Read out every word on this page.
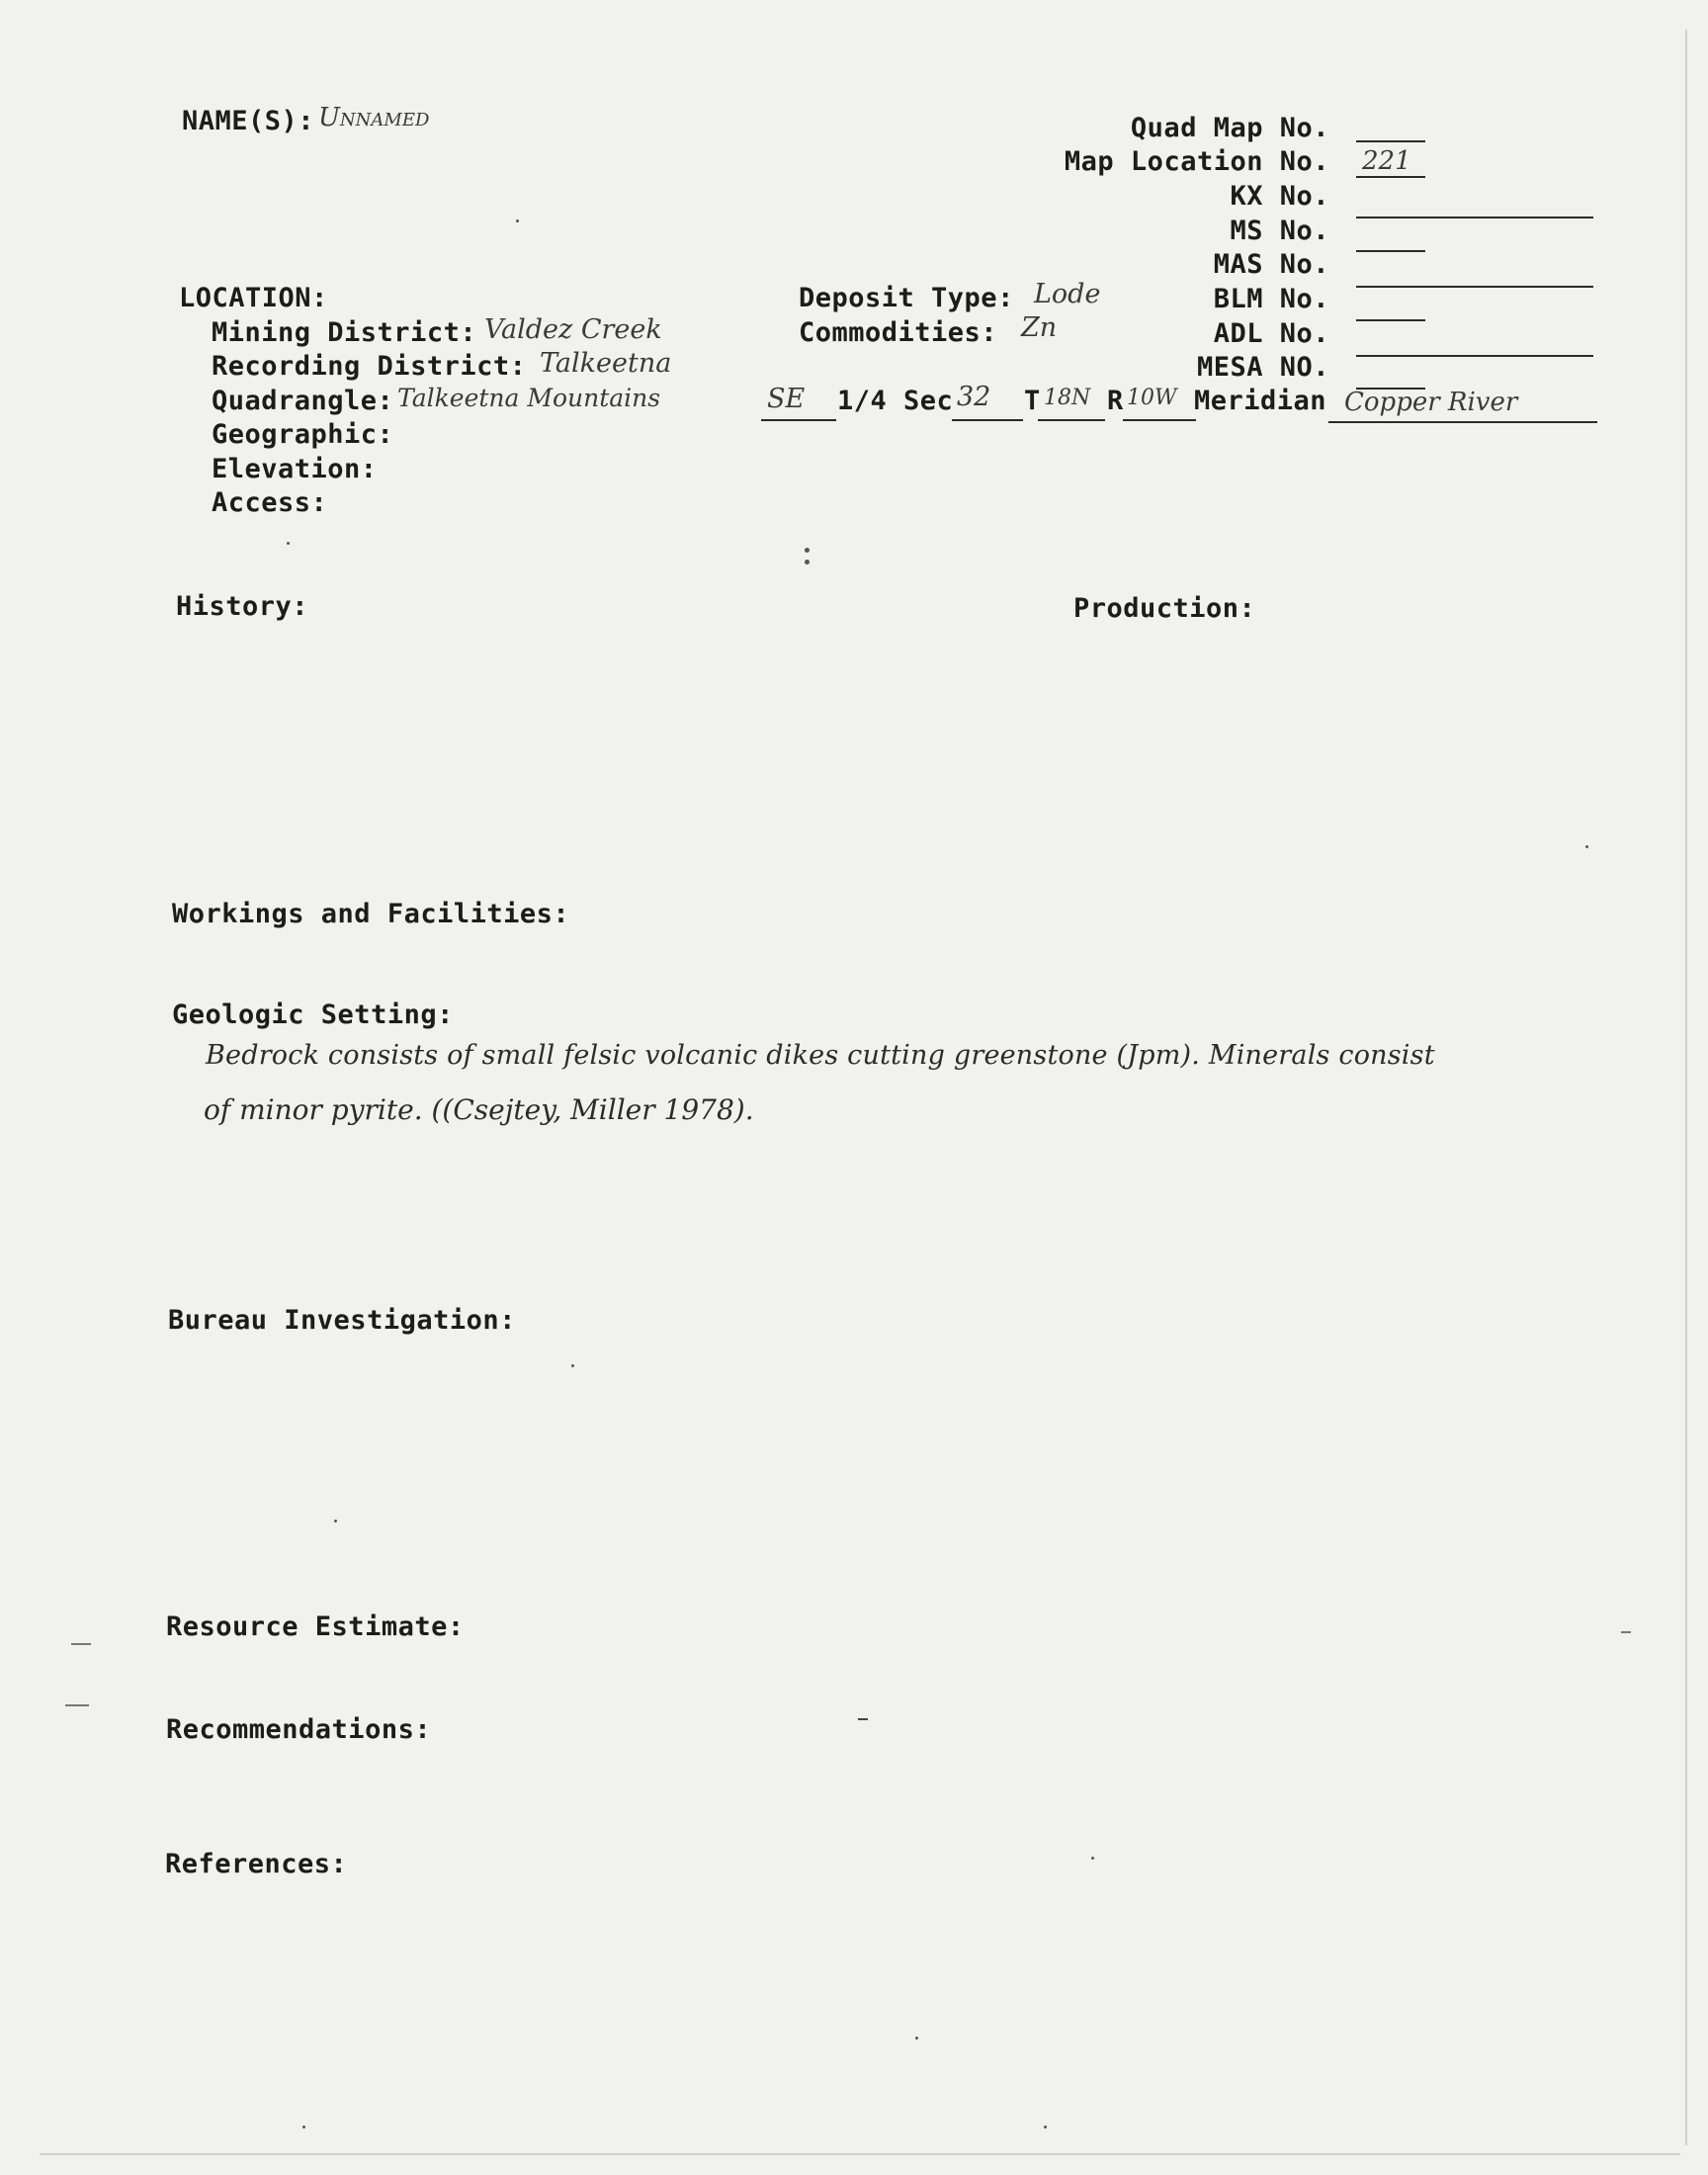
NAME(S): Unnamed	Quad Map No.
Map Location No. 221
KX No.
MS No.
MAS No.
BLM No.
ADL No.
MESA NO.
LOCATION:
Mining District: Valdez Creek
Recording District: Talkeetna
Quadrangle: Talkeetna Mountains
Geographic:
Elevation:
Access:
Deposit Type: Lode
Commodities: Zn
SE 1/4 Sec 32 T 18N R 10W Meridian Copper River
History:	Production:
Workings and Facilities:
Geologic Setting:
Bedrock consists of small felsic volcanic dikes cutting greenstone (Jpm). Minerals consist
of minor pyrite. ((Csejtey, Miller 1978).
Bureau Investigation:
Resource Estimate:
Recommendations:
References:
